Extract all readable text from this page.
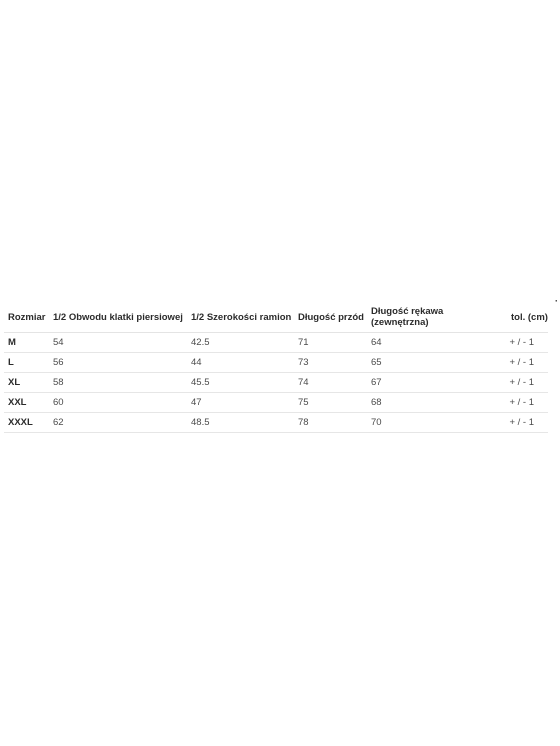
·
Rozmiar	1/2 Obwodu klatki piersiowej	1/2 Szerokości ramion	Długość przód	Długość rękawa (zewnętrzna)	tol. (cm)
M	54	42.5	71	64	+ / - 1
L	56	44	73	65	+ / - 1
XL	58	45.5	74	67	+ / - 1
XXL	60	47	75	68	+ / - 1
XXXL	62	48.5	78	70	+ / - 1
